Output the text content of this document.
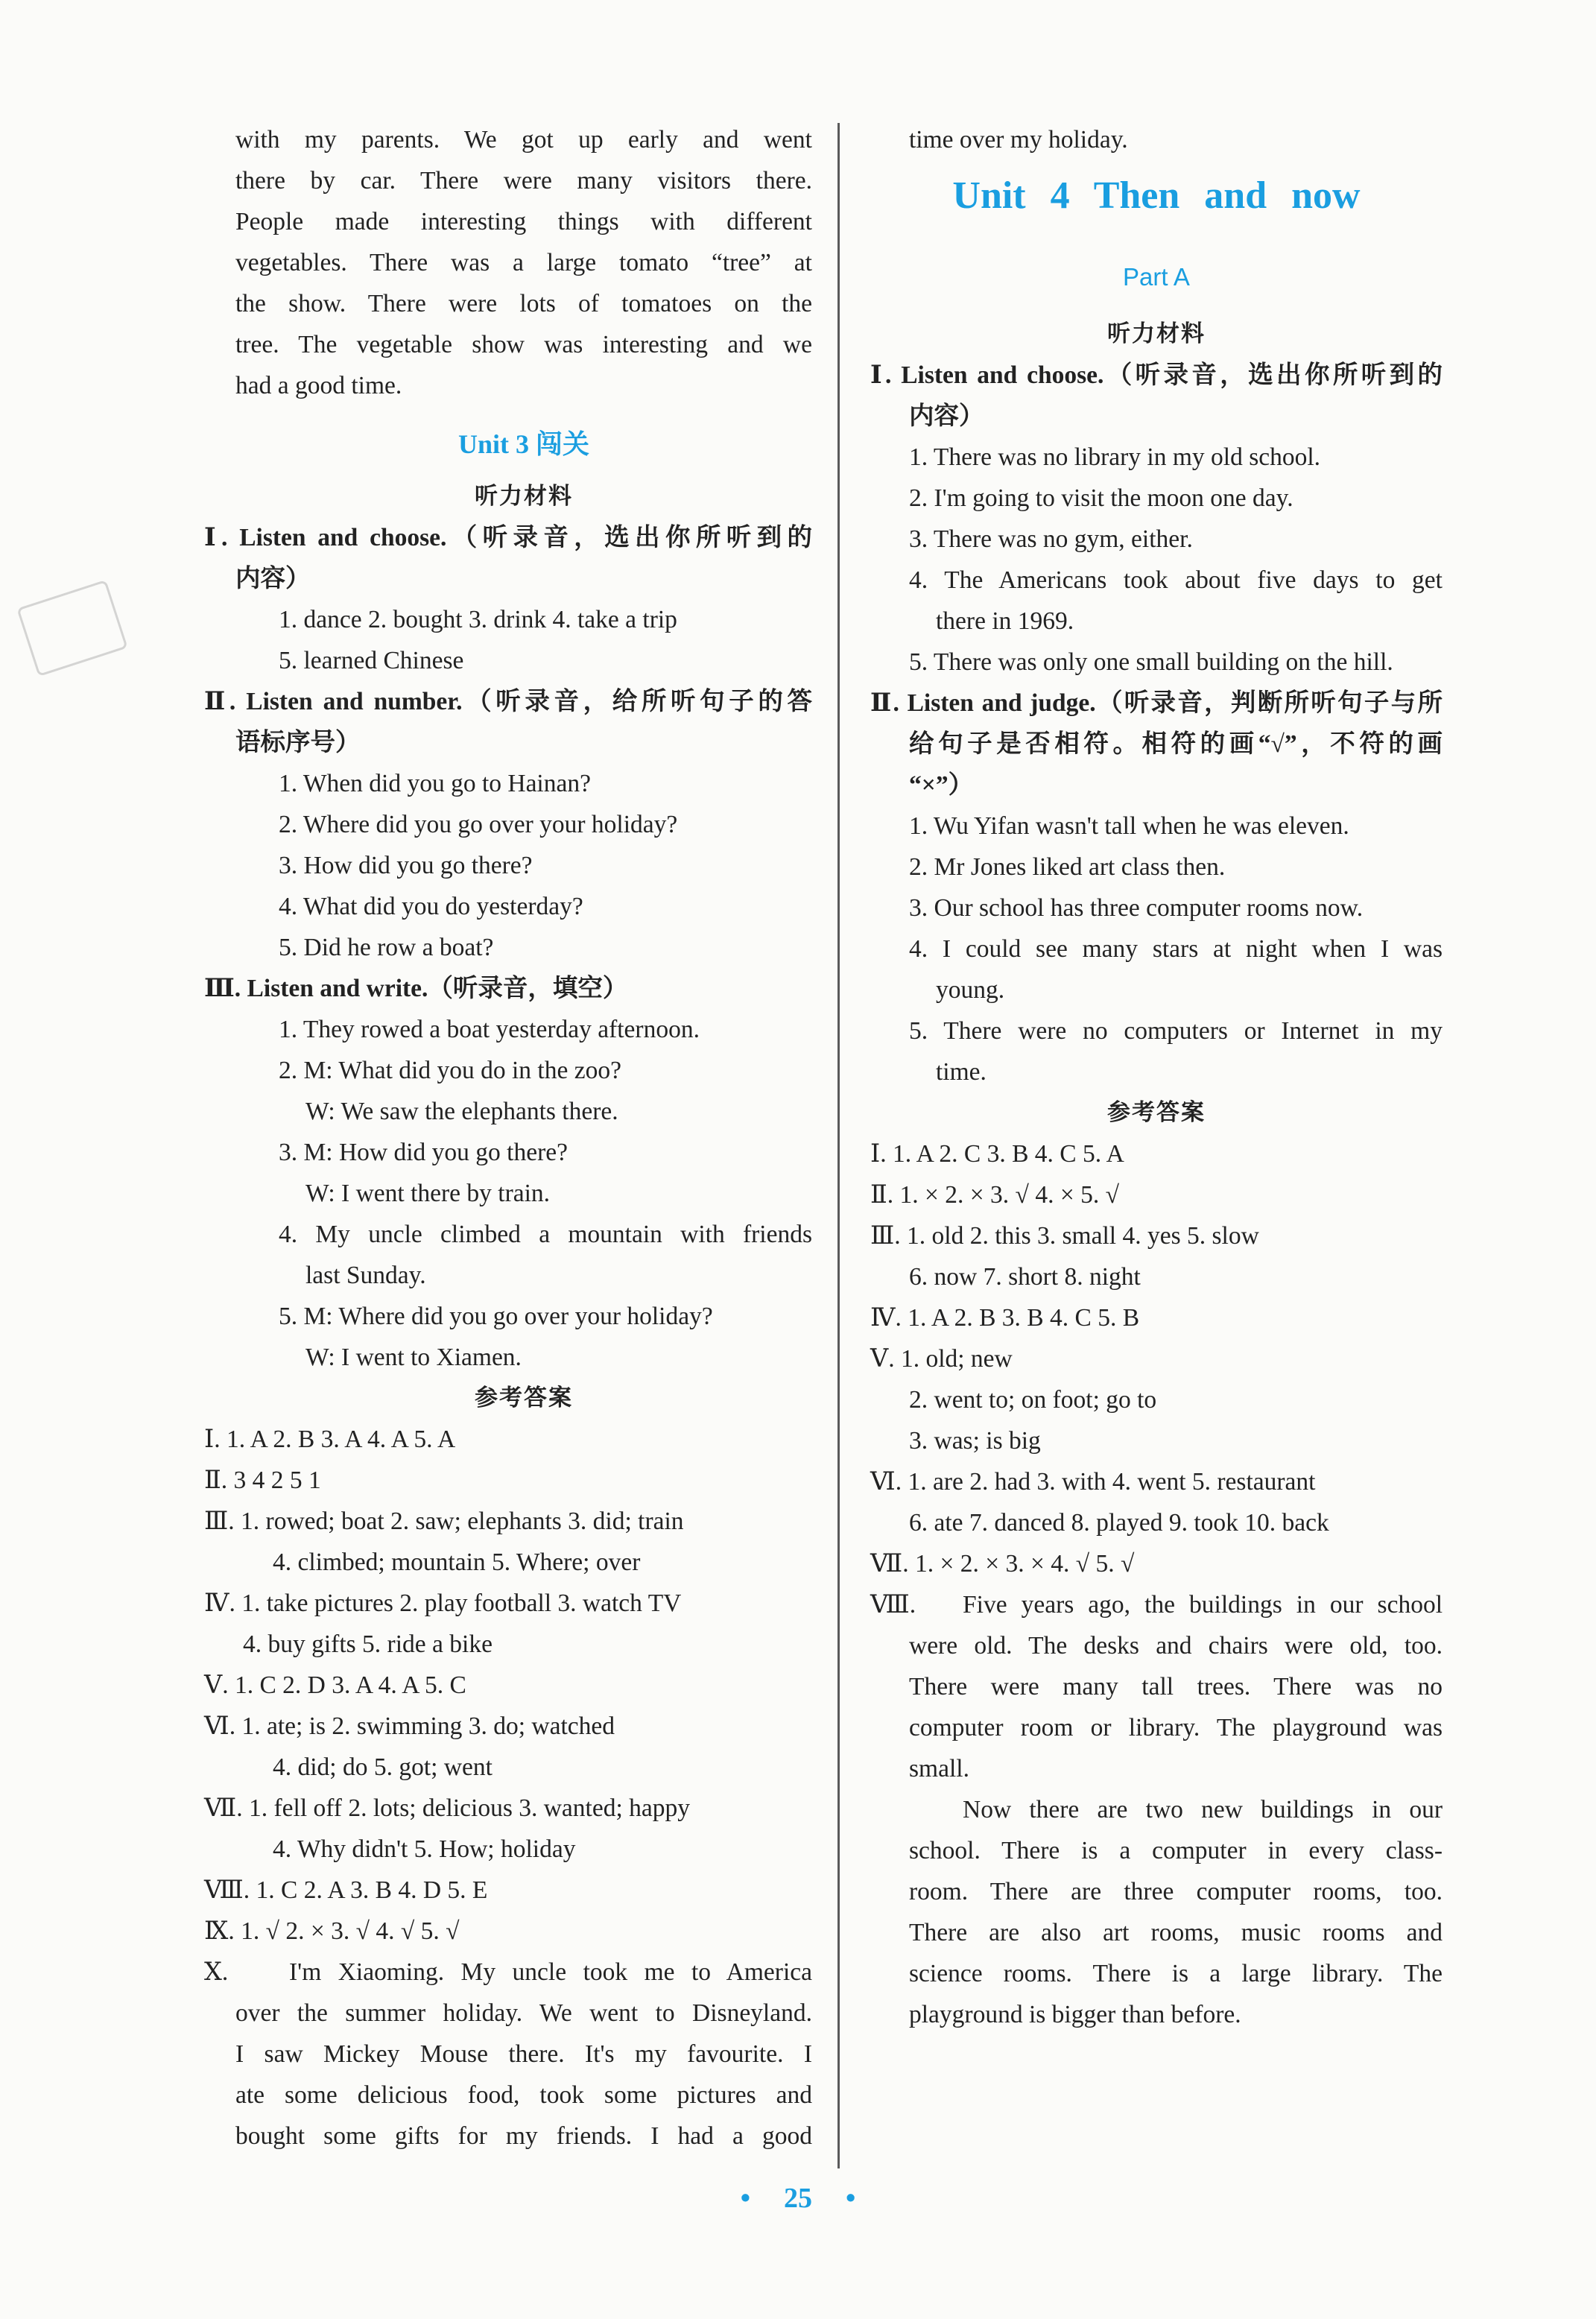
with my parents. We got up early and went
there by car. There were many visitors there.
People made interesting things with different
vegetables. There was a large tomato “tree” at
the show. There were lots of tomatoes on the
tree. The vegetable show was interesting and we
had a good time.
Unit 3 闯关
听力材料
Ⅰ. Listen and choose.（听录音，选出你所听到的
内容）
1. dance 2. bought 3. drink 4. take a trip
5. learned Chinese
Ⅱ. Listen and number.（听录音，给所听句子的答
语标序号）
1. When did you go to Hainan?
2. Where did you go over your holiday?
3. How did you go there?
4. What did you do yesterday?
5. Did he row a boat?
Ⅲ. Listen and write.（听录音，填空）
1. They rowed a boat yesterday afternoon.
2. M: What did you do in the zoo?
W: We saw the elephants there.
3. M: How did you go there?
W: I went there by train.
4. My uncle climbed a mountain with friends
last Sunday.
5. M: Where did you go over your holiday?
W: I went to Xiamen.
参考答案
Ⅰ. 1. A 2. B 3. A 4. A 5. A
Ⅱ. 3 4 2 5 1
Ⅲ. 1. rowed; boat 2. saw; elephants 3. did; train
4. climbed; mountain 5. Where; over
Ⅳ. 1. take pictures 2. play football 3. watch TV
4. buy gifts 5. ride a bike
Ⅴ. 1. C 2. D 3. A 4. A 5. C
Ⅵ. 1. ate; is 2. swimming 3. do; watched
4. did; do 5. got; went
Ⅶ. 1. fell off 2. lots; delicious 3. wanted; happy
4. Why didn't 5. How; holiday
Ⅷ. 1. C 2. A 3. B 4. D 5. E
Ⅸ. 1. √ 2. × 3. √ 4. √ 5. √
Ⅹ.	I'm Xiaoming. My uncle took me to America
over the summer holiday. We went to Disneyland.
I saw Mickey Mouse there. It's my favourite. I
ate some delicious food, took some pictures and
bought some gifts for my friends. I had a good
time over my holiday.
Unit 4 Then and now
Part A
听力材料
Ⅰ. Listen and choose.（听录音，选出你所听到的
内容）
1. There was no library in my old school.
2. I'm going to visit the moon one day.
3. There was no gym, either.
4. The Americans took about five days to get
there in 1969.
5. There was only one small building on the hill.
Ⅱ. Listen and judge.（听录音，判断所听句子与所
给句子是否相符。相符的画“√”，不符的画
“×”）
1. Wu Yifan wasn't tall when he was eleven.
2. Mr Jones liked art class then.
3. Our school has three computer rooms now.
4. I could see many stars at night when I was
young.
5. There were no computers or Internet in my
time.
参考答案
Ⅰ. 1. A 2. C 3. B 4. C 5. A
Ⅱ. 1. × 2. × 3. √ 4. × 5. √
Ⅲ. 1. old 2. this 3. small 4. yes 5. slow
6. now 7. short 8. night
Ⅳ. 1. A 2. B 3. B 4. C 5. B
Ⅴ. 1. old; new
2. went to; on foot; go to
3. was; is big
Ⅵ. 1. are 2. had 3. with 4. went 5. restaurant
6. ate 7. danced 8. played 9. took 10. back
Ⅶ. 1. × 2. × 3. × 4. √ 5. √
Ⅷ.	Five years ago, the buildings in our school
were old. The desks and chairs were old, too.
There were many tall trees. There was no
computer room or library. The playground was
small.
Now there are two new buildings in our
school. There is a computer in every class-
room. There are three computer rooms, too.
There are also art rooms, music rooms and
science rooms. There is a large library. The
playground is bigger than before.
• 25 •
